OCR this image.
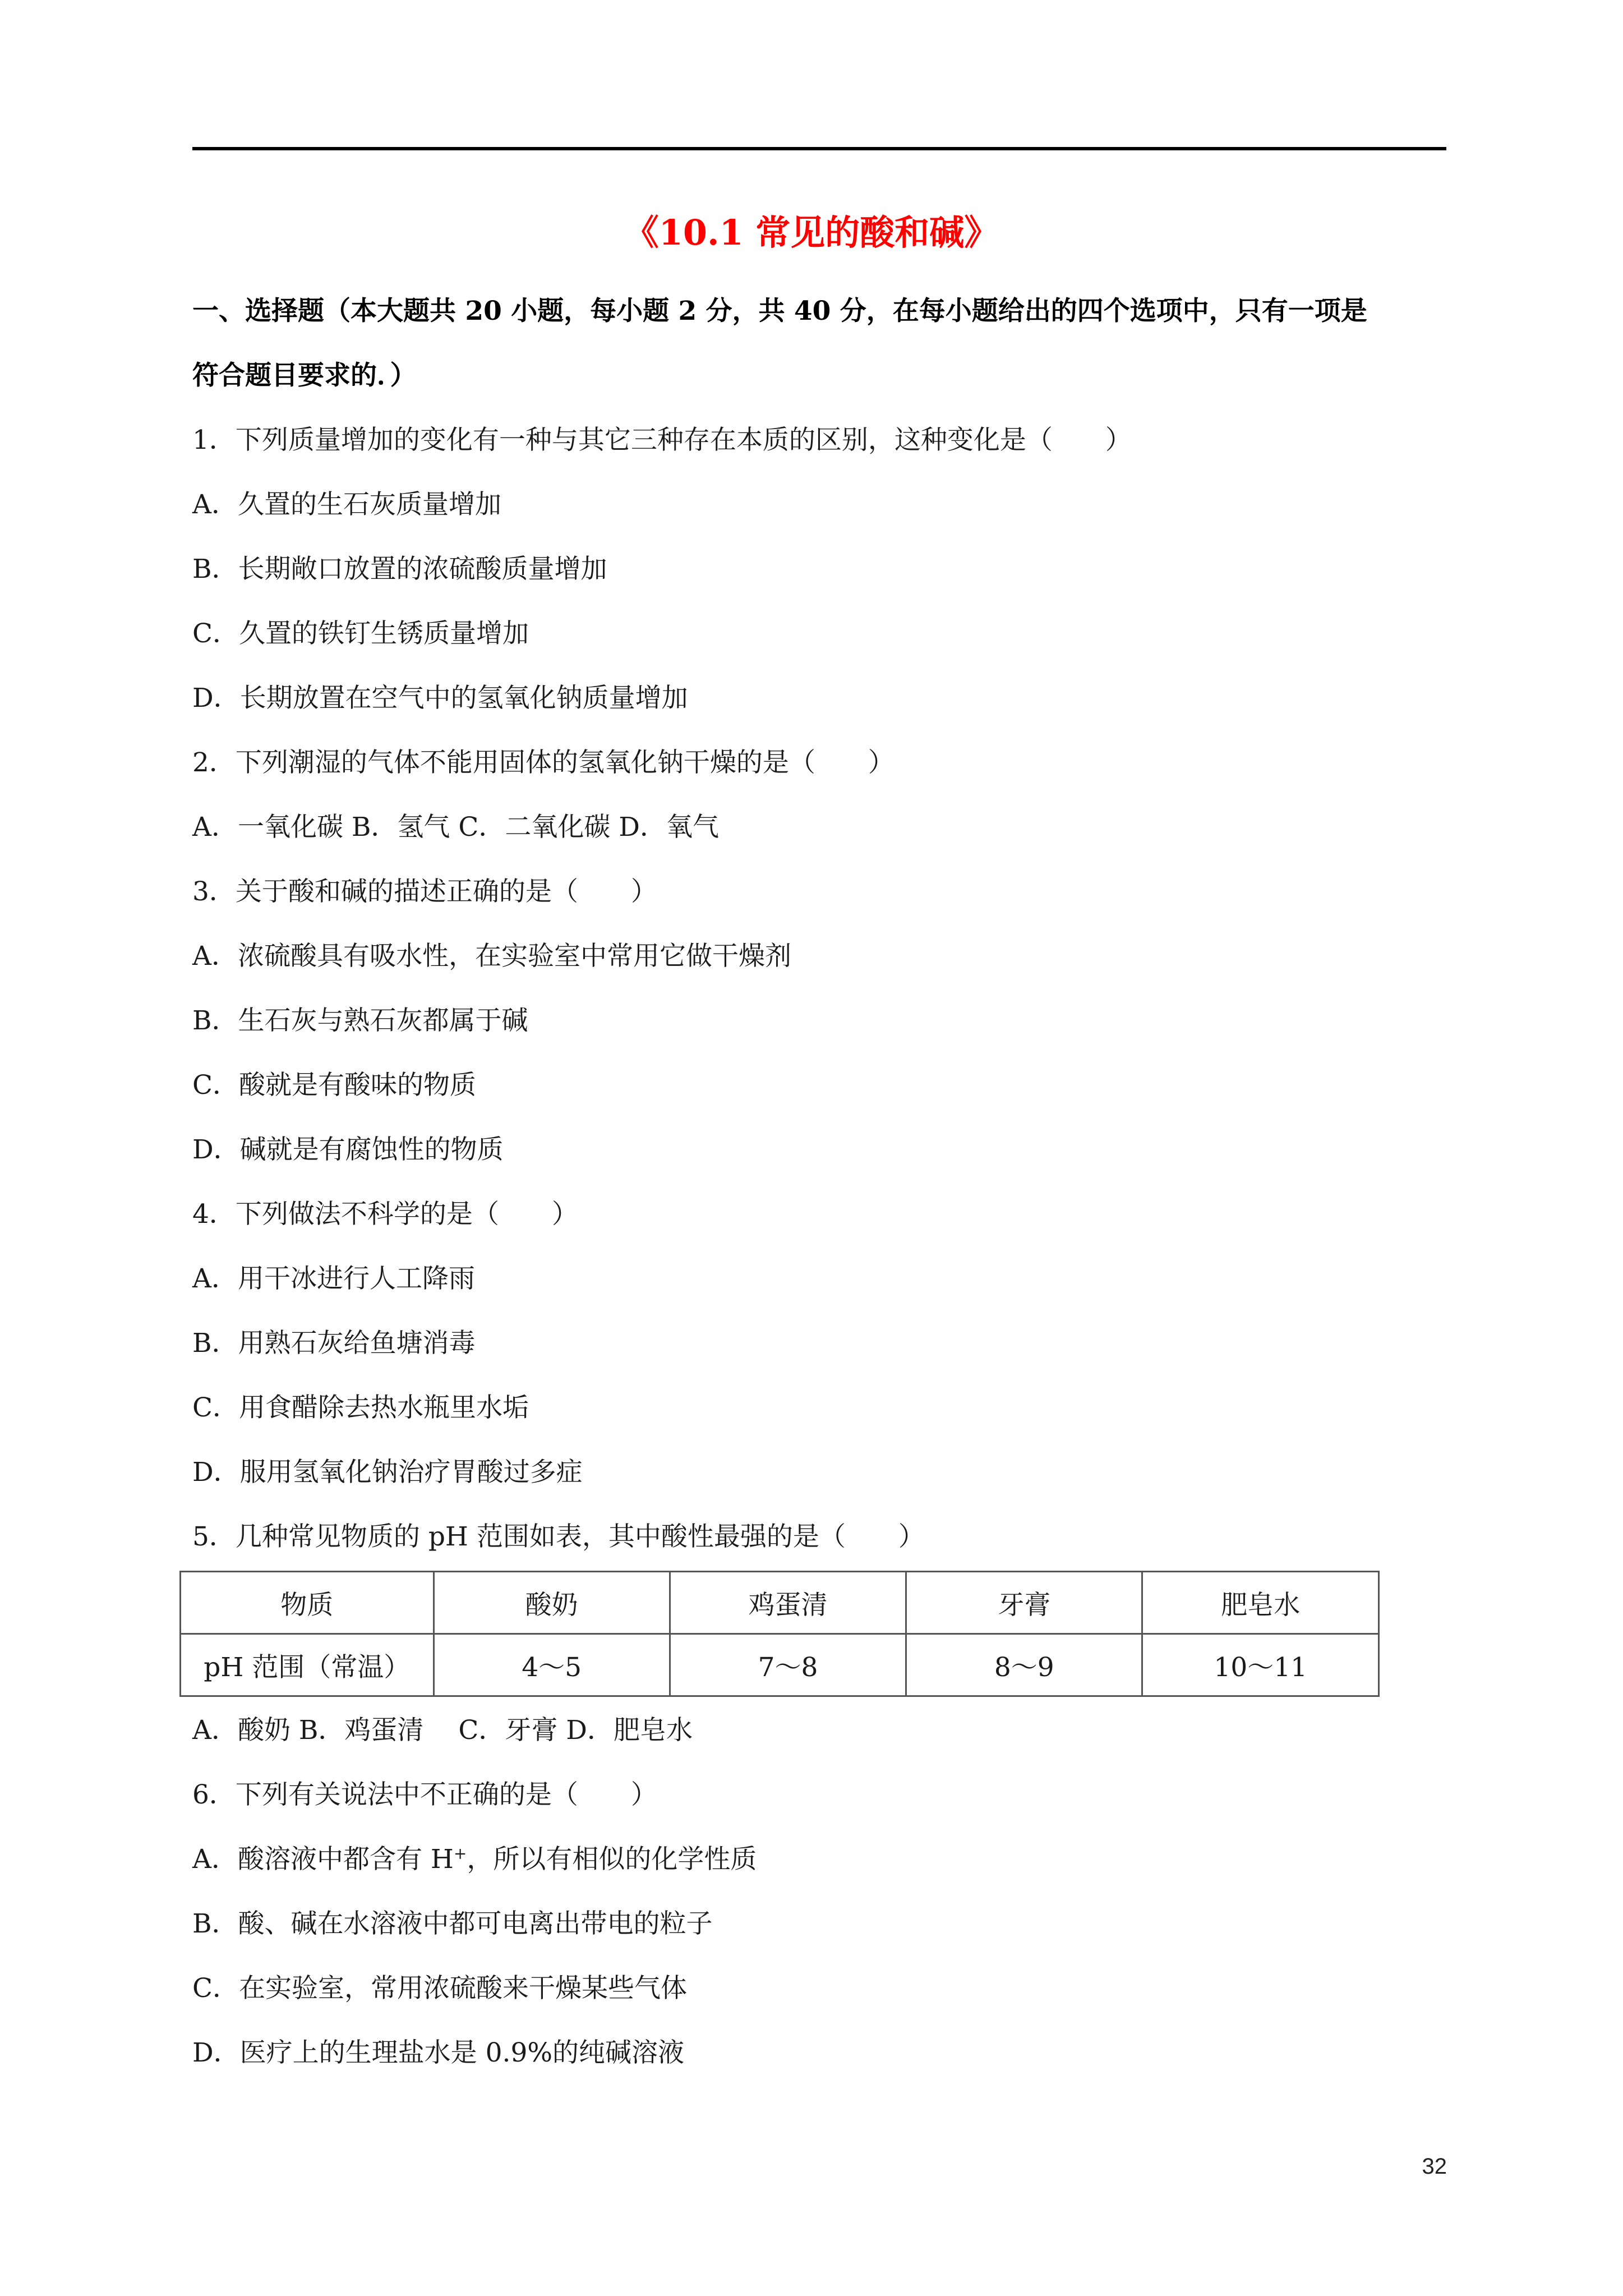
《10.1 常见的酸和碱》
一、选择题（本大题共 20 小题，每小题 2 分，共 40 分，在每小题给出的四个选项中，只有一项是
符合题目要求的．）
1．下列质量增加的变化有一种与其它三种存在本质的区别，这种变化是（　　）
A．久置的生石灰质量增加
B．长期敞口放置的浓硫酸质量增加
C．久置的铁钉生锈质量增加
D．长期放置在空气中的氢氧化钠质量增加
2．下列潮湿的气体不能用固体的氢氧化钠干燥的是（　　）
A．一氧化碳 B．氢气 C．二氧化碳 D．氧气
3．关于酸和碱的描述正确的是（　　）
A．浓硫酸具有吸水性，在实验室中常用它做干燥剂
B．生石灰与熟石灰都属于碱
C．酸就是有酸味的物质
D．碱就是有腐蚀性的物质
4．下列做法不科学的是（　　）
A．用干冰进行人工降雨
B．用熟石灰给鱼塘消毒
C．用食醋除去热水瓶里水垢
D．服用氢氧化钠治疗胃酸过多症
5．几种常见物质的 pH 范围如表，其中酸性最强的是（　　）
物质	酸奶	鸡蛋清	牙膏	肥皂水
pH 范围（常温）	4～5	7～8	8～9	10～11
A．酸奶 B．鸡蛋清　 C．牙膏 D．肥皂水
6．下列有关说法中不正确的是（　　）
A．酸溶液中都含有 H+，所以有相似的化学性质
B．酸、碱在水溶液中都可电离出带电的粒子
C．在实验室，常用浓硫酸来干燥某些气体
D．医疗上的生理盐水是 0.9%的纯碱溶液
32
